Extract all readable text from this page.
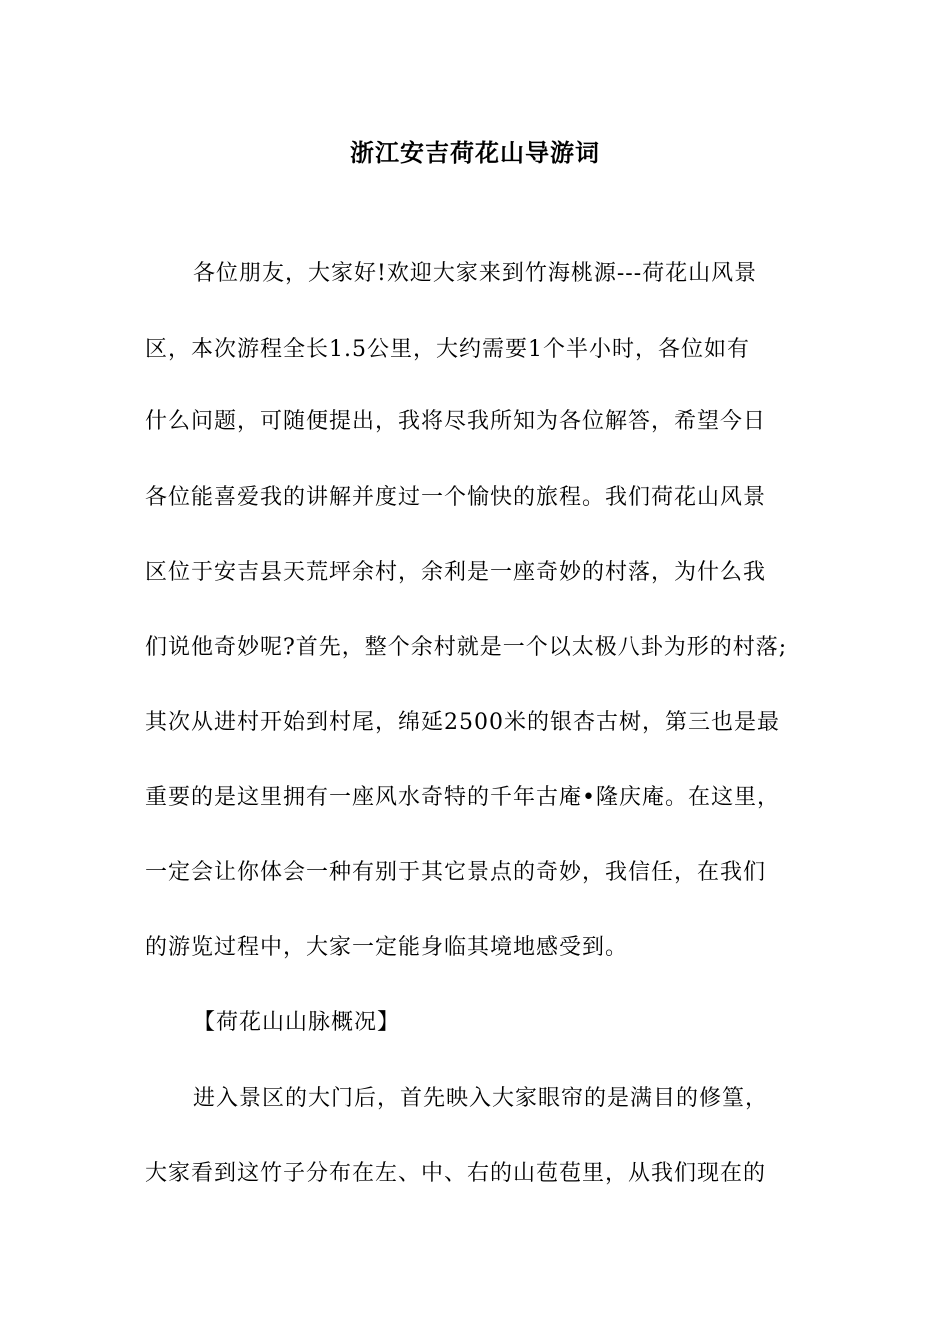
浙江安吉荷花山导游词
各位朋友，大家好!欢迎大家来到竹海桃源---荷花山风景
区，本次游程全长1.5公里，大约需要1个半小时，各位如有
什么问题，可随便提出，我将尽我所知为各位解答，希望今日
各位能喜爱我的讲解并度过一个愉快的旅程。我们荷花山风景
区位于安吉县天荒坪余村，余利是一座奇妙的村落，为什么我
们说他奇妙呢?首先，整个余村就是一个以太极八卦为形的村落;
其次从进村开始到村尾，绵延2500米的银杏古树，第三也是最
重要的是这里拥有一座风水奇特的千年古庵•隆庆庵。在这里，
一定会让你体会一种有别于其它景点的奇妙，我信任，在我们
的游览过程中，大家一定能身临其境地感受到。
【荷花山山脉概况】
进入景区的大门后，首先映入大家眼帘的是满目的修篁，
大家看到这竹子分布在左、中、右的山苞苞里，从我们现在的
